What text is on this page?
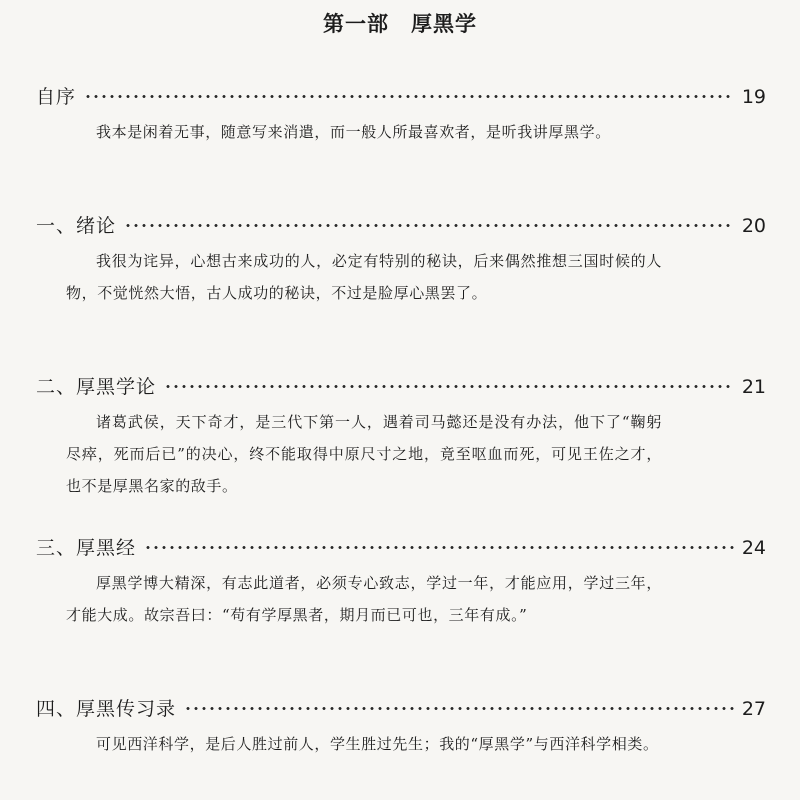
第一部　厚黑学
自序	19

我本是闲着无事，随意写来消遣，而一般人所最喜欢者，是听我讲厚黑学。

一、绪论	20

我很为诧异，心想古来成功的人，必定有特别的秘诀，后来偶然推想三国时候的人物，不觉恍然大悟，古人成功的秘诀，不过是脸厚心黑罢了。

二、厚黑学论	21

诸葛武侯，天下奇才，是三代下第一人，遇着司马懿还是没有办法，他下了“鞠躬尽瘁，死而后已”的决心，终不能取得中原尺寸之地，竟至呕血而死，可见王佐之才，也不是厚黑名家的敌手。

三、厚黑经	24

厚黑学博大精深，有志此道者，必须专心致志，学过一年，才能应用，学过三年，才能大成。故宗吾曰：“苟有学厚黑者，期月而已可也，三年有成。”

四、厚黑传习录	27

可见西洋科学，是后人胜过前人，学生胜过先生；我的“厚黑学”与西洋科学相类。
